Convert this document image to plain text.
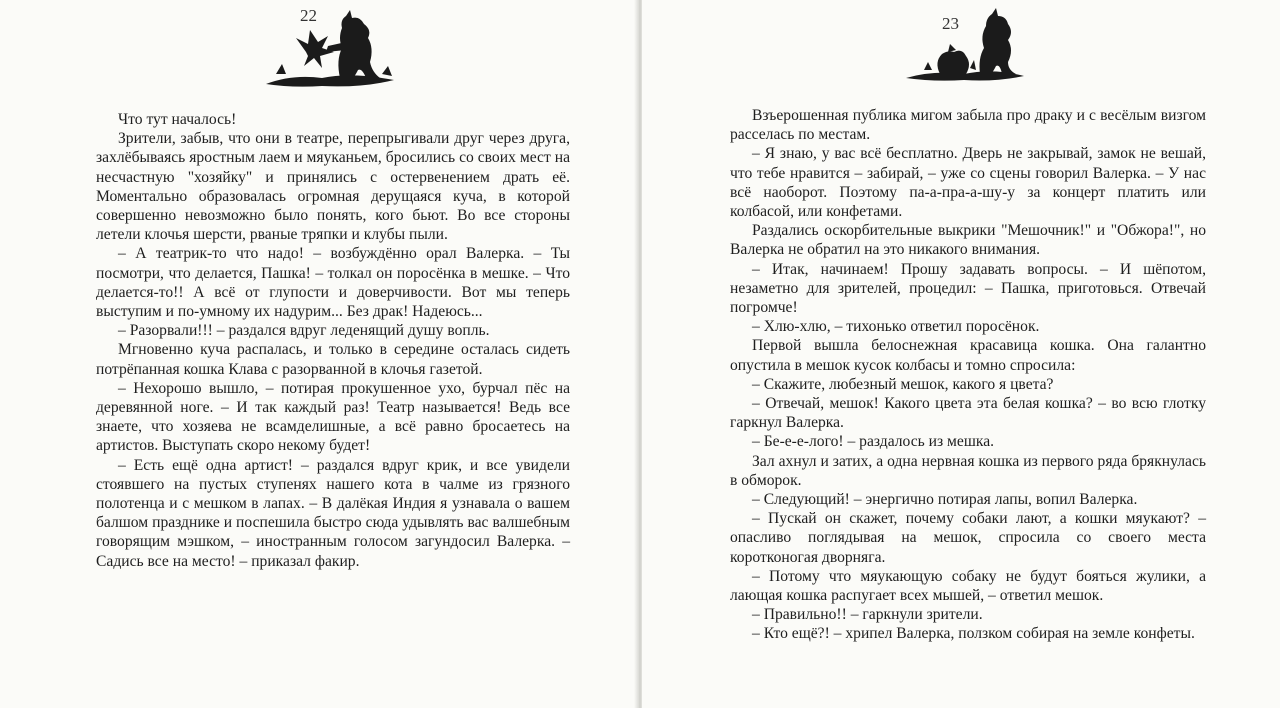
22

Что тут началось!

Зрители, забыв, что они в театре, перепрыгивали друг через друга, захлёбываясь яростным лаем и мяуканьем, бросились со своих мест на несчастную "хозяйку" и принялись с остервенением драть её. Моментально образовалась огромная дерущаяся куча, в которой совершенно невозможно было понять, кого бьют. Во все стороны летели клочья шерсти, рваные тряпки и клубы пыли.

– А театрик-то что надо! – возбуждённо орал Валерка. – Ты посмотри, что делается, Пашка! – толкал он поросёнка в мешке. – Что делается-то!! А всё от глупости и доверчивости. Вот мы теперь выступим и по-умному их надурим... Без драк! Надеюсь...

– Разорвали!!! – раздался вдруг леденящий душу вопль.

Мгновенно куча распалась, и только в середине осталась сидеть потрёпанная кошка Клава с разорванной в клочья газетой.

– Нехорошо вышло, – потирая прокушенное ухо, бурчал пёс на деревянной ноге. – И так каждый раз! Театр называется! Ведь все знаете, что хозяева не всамделишные, а всё равно бросаетесь на артистов. Выступать скоро некому будет!

– Есть ещё одна артист! – раздался вдруг крик, и все увидели стоявшего на пустых ступенях нашего кота в чалме из грязного полотенца и с мешком в лапах. – В далёкая Индия я узнавала о вашем балшом празднике и поспешила быстро сюда удывлять вас валшебным говорящим мэшком, – иностранным голосом загундосил Валерка. – Садись все на место! – приказал факир.

23

Взъерошенная публика мигом забыла про драку и с весёлым визгом расселась по местам.

– Я знаю, у вас всё бесплатно. Дверь не закрывай, замок не вешай, что тебе нравится – забирай, – уже со сцены говорил Валерка. – У нас всё наоборот. Поэтому па-а-пра-а-шу-у за концерт платить или колбасой, или конфетами.

Раздались оскорбительные выкрики "Мешочник!" и "Обжора!", но Валерка не обратил на это никакого внимания.

– Итак, начинаем! Прошу задавать вопросы. – И шёпотом, незаметно для зрителей, процедил: – Пашка, приготовься. Отвечай погромче!

– Хлю-хлю, – тихонько ответил поросёнок.

Первой вышла белоснежная красавица кошка. Она галантно опустила в мешок кусок колбасы и томно спросила:

– Скажите, любезный мешок, какого я цвета?

– Отвечай, мешок! Какого цвета эта белая кошка? – во всю глотку гаркнул Валерка.

– Бе-е-е-лого! – раздалось из мешка.

Зал ахнул и затих, а одна нервная кошка из первого ряда брякнулась в обморок.

– Следующий! – энергично потирая лапы, вопил Валерка.

– Пускай он скажет, почему собаки лают, а кошки мяукают? – опасливо поглядывая на мешок, спросила со своего места коротконогая дворняга.

– Потому что мяукающую собаку не будут бояться жулики, а лающая кошка распугает всех мышей, – ответил мешок.

– Правильно!! – гаркнули зрители.

– Кто ещё?! – хрипел Валерка, ползком собирая на земле конфеты.
